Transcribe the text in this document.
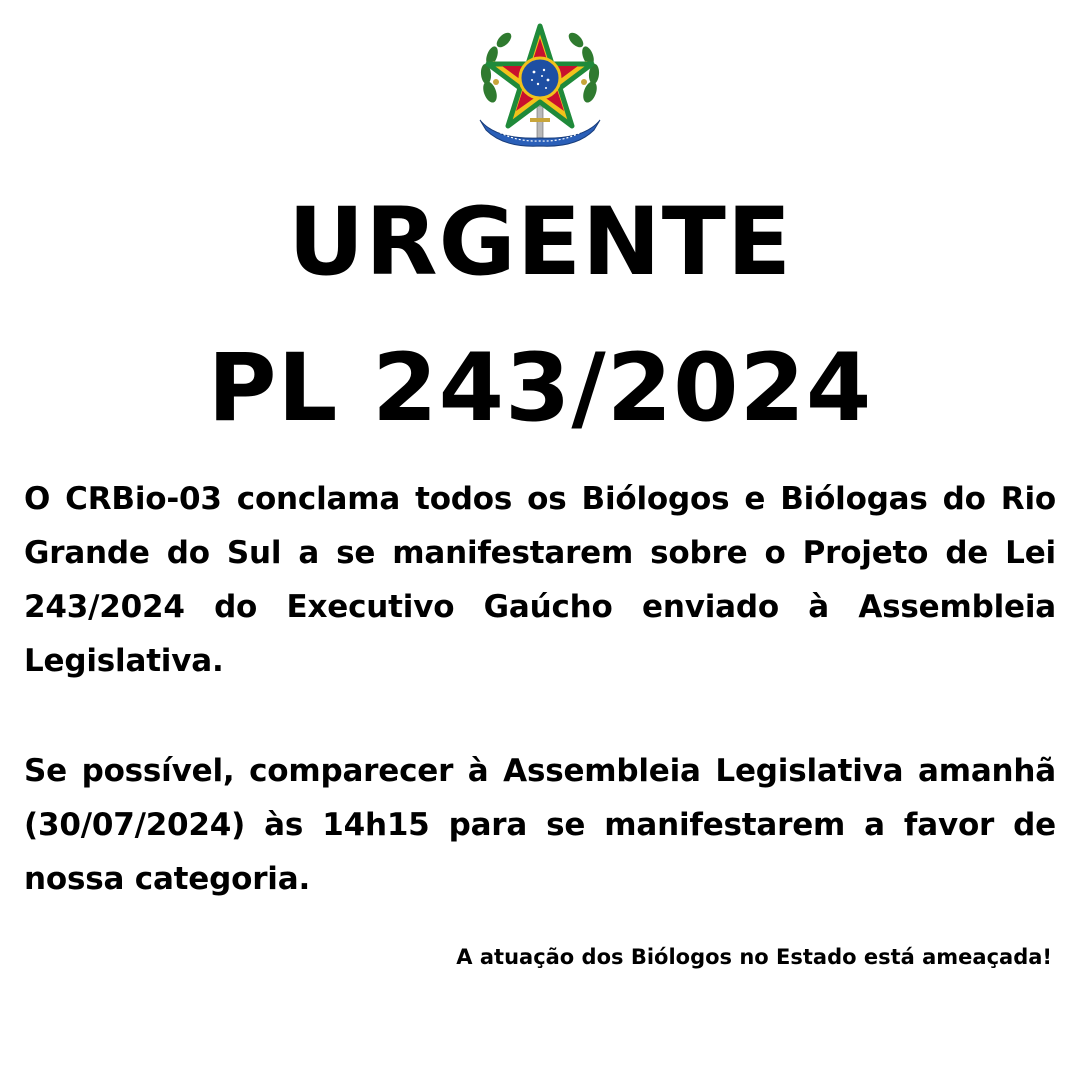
URGENTE
PL 243/2024
O CRBio-03 conclama todos os Biólogos e Biólogas do Rio Grande do Sul a se manifestarem sobre o Projeto de Lei 243/2024 do Executivo Gaúcho enviado à Assembleia Legislativa.
Se possível, comparecer à Assembleia Legislativa amanhã (30/07/2024) às 14h15 para se manifestarem a favor de nossa categoria.
A atuação dos Biólogos no Estado está ameaçada!
